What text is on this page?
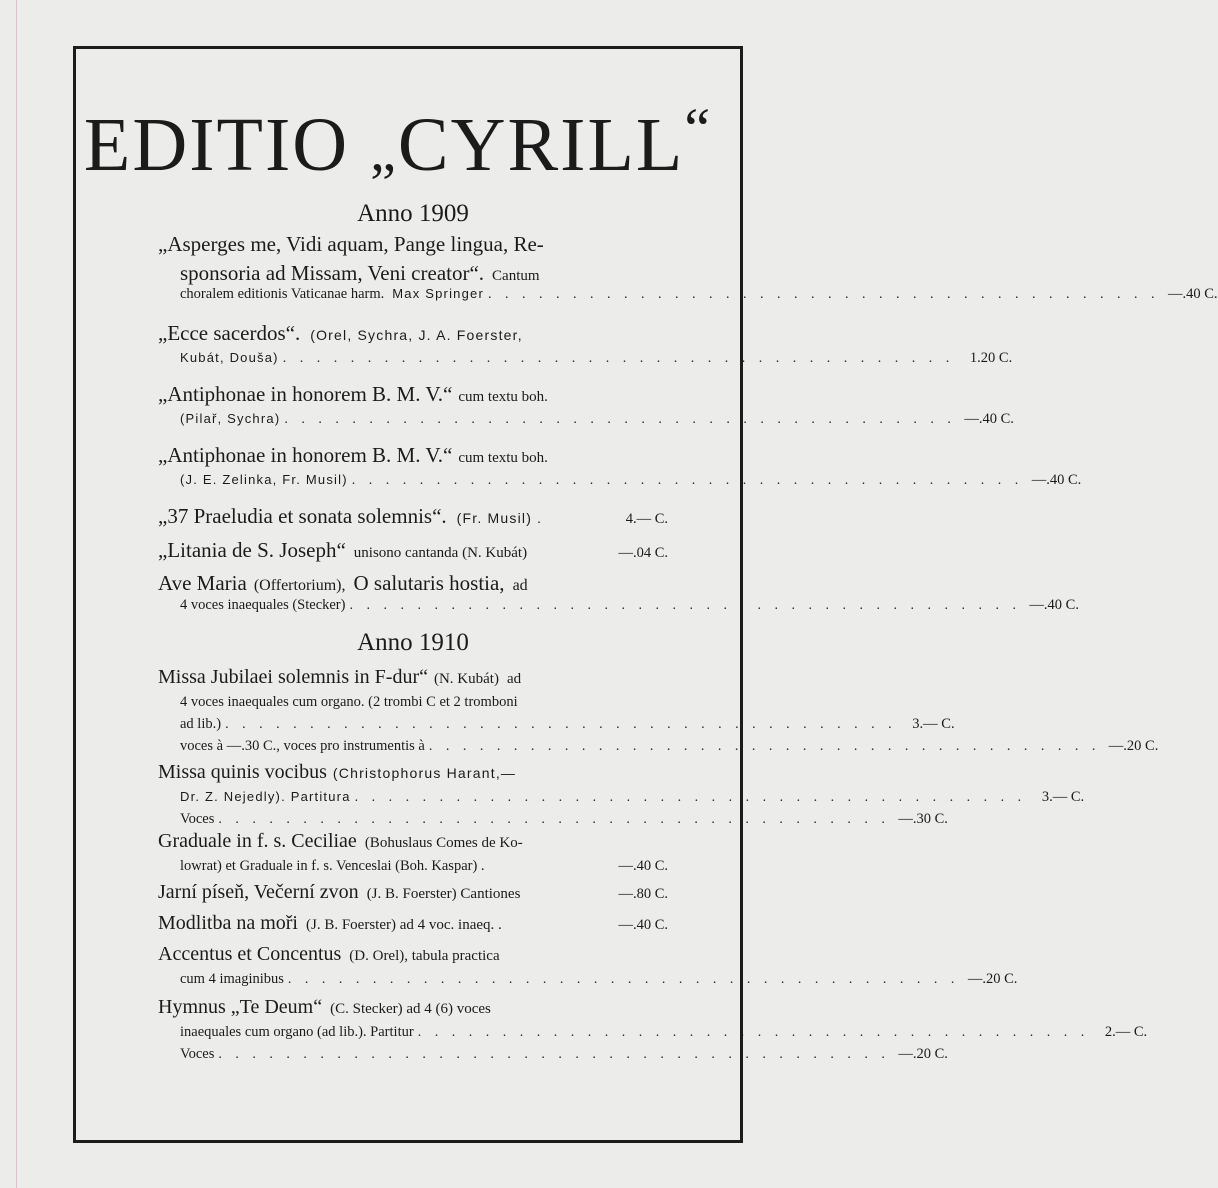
EDITIO „CYRILL“
Anno 1909
„Asperges me, Vidi aquam, Pange lingua, Re-
sponsoria ad Missam, Veni creator“. Cantum
choralem editionis Vaticanae harm. Max Springer . . . . . . . . . . . . . . . . . . . . . . . . . . . . . . . . . . . . . . . . —.40 C.
„Ecce sacerdos“. (Orel, Sychra, J. A. Foerster,
Kubát, Douša) . . . . . . . . . . . . . . . . . . . . . . . . . . . . . . . . . . . . . . . .	1.20 C.
„Antiphonae in honorem B. M. V.“ cum textu boh.
(Pilař, Sychra) . . . . . . . . . . . . . . . . . . . . . . . . . . . . . . . . . . . . . . . . —.40 C.
„Antiphonae in honorem B. M. V.“ cum textu boh.
(J. E. Zelinka, Fr. Musil) . . . . . . . . . . . . . . . . . . . . . . . . . . . . . . . . . . . . . . . . —.40 C.
„37 Praeludia et sonata solemnis“. (Fr. Musil) .	4.— C.
„Litania de S. Joseph“ unisono cantanda (N. Kubát)	—.04 C.
Ave Maria (Offertorium), O salutaris hostia, ad
4 voces inaequales (Stecker) . . . . . . . . . . . . . . . . . . . . . . . . . . . . . . . . . . . . . . . . —.40 C.
Anno 1910
Missa Jubilaei solemnis in F-dur“ (N. Kubát) ad
4 voces inaequales cum organo. (2 trombi C et 2 tromboni
ad lib.) . . . . . . . . . . . . . . . . . . . . . . . . . . . . . . . . . . . . . . . .	3.— C.
voces à —.30 C., voces pro instrumentis à . . . . . . . . . . . . . . . . . . . . . . . . . . . . . . . . . . . . . . . . —.20 C.
Missa quinis vocibus (Christophorus Harant,—
Dr. Z. Nejedly). Partitura . . . . . . . . . . . . . . . . . . . . . . . . . . . . . . . . . . . . . . . .	3.— C.
Voces . . . . . . . . . . . . . . . . . . . . . . . . . . . . . . . . . . . . . . . . —.30 C.
Graduale in f. s. Ceciliae (Bohuslaus Comes de Ko-
lowrat) et Graduale in f. s. Venceslai (Boh. Kaspar) .	—.40 C.
Jarní píseň, Večerní zvon (J. B. Foerster) Cantiones	—.80 C.
Modlitba na moři (J. B. Foerster) ad 4 voc. inaeq. .	—.40 C.
Accentus et Concentus (D. Orel), tabula practica
cum 4 imaginibus . . . . . . . . . . . . . . . . . . . . . . . . . . . . . . . . . . . . . . . . —.20 C.
Hymnus „Te Deum“ (C. Stecker) ad 4 (6) voces
inaequales cum organo (ad lib.). Partitur . . . . . . . . . . . . . . . . . . . . . . . . . . . . . . . . . . . . . . . .	2.— C.
Voces . . . . . . . . . . . . . . . . . . . . . . . . . . . . . . . . . . . . . . . . —.20 C.
